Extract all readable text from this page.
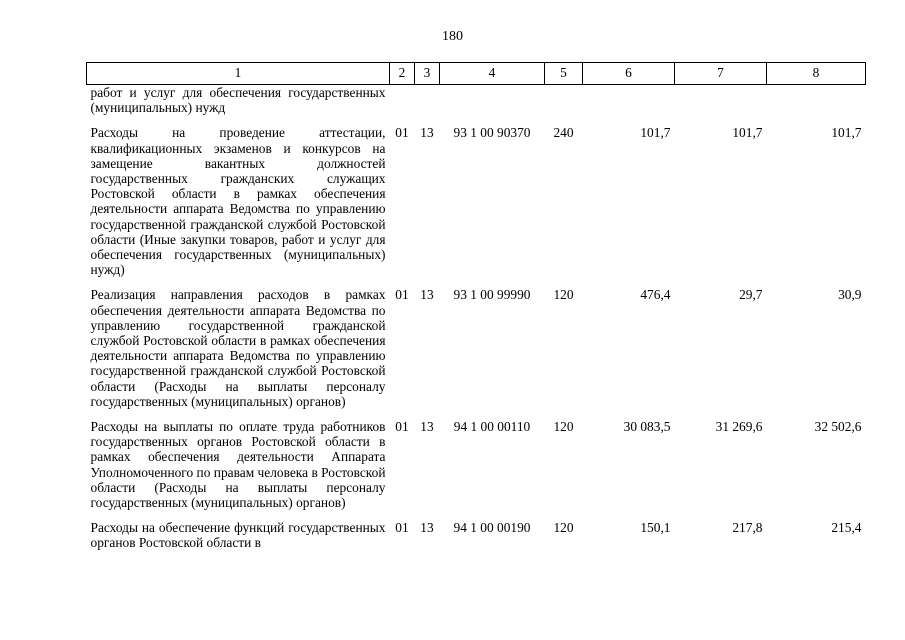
180
1	2	3	4	5	6	7	8
работ и услуг для обеспечения государственных (муниципальных) нужд							
Расходы на проведение аттестации, квалификационных экзаменов и конкурсов на замещение вакантных должностей государственных гражданских служащих Ростовской области в рамках обеспечения деятельности аппарата Ведомства по управлению государственной гражданской службой Ростовской области (Иные закупки товаров, работ и услуг для обеспечения государственных (муниципальных) нужд)	01	13	93 1 00 90370	240	101,7	101,7	101,7
Реализация направления расходов в рамках обеспечения деятельности аппарата Ведомства по управлению государственной гражданской службой Ростовской области в рамках обеспечения деятельности аппарата Ведомства по управлению государственной гражданской службой Ростовской области (Расходы на выплаты персоналу государственных (муниципальных) органов)	01	13	93 1 00 99990	120	476,4	29,7	30,9
Расходы на выплаты по оплате труда работников государственных органов Ростовской области в рамках обеспечения деятельности Аппарата Уполномоченного по правам человека в Ростовской области (Расходы на выплаты персоналу государственных (муниципальных) органов)	01	13	94 1 00 00110	120	30 083,5	31 269,6	32 502,6
Расходы на обеспечение функций государственных органов Ростовской области в	01	13	94 1 00 00190	120	150,1	217,8	215,4
